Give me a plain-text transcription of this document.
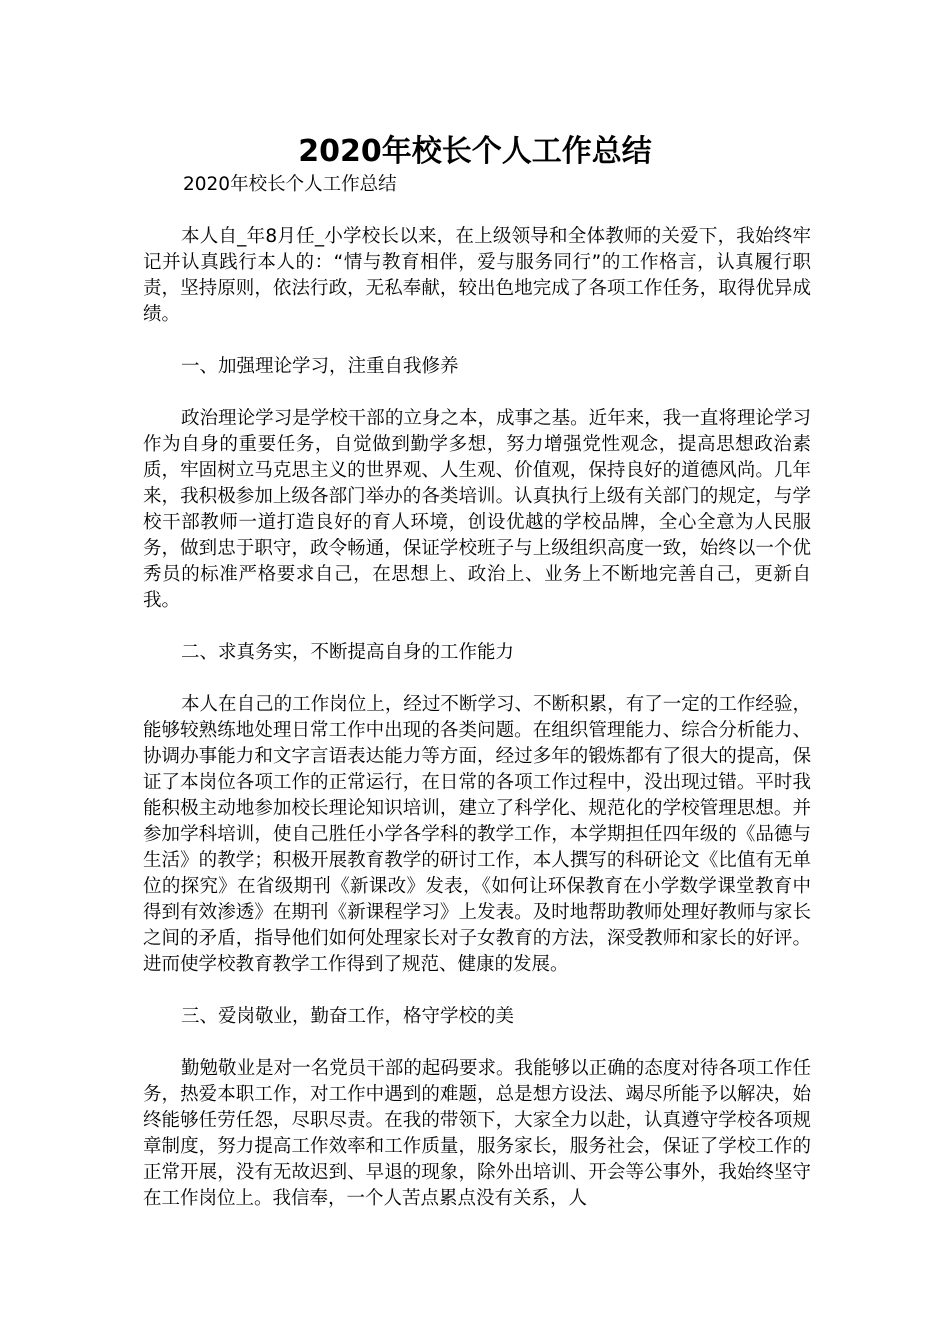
2020年校长个人工作总结

2020年校长个人工作总结

本人自_年8月任_小学校长以来，在上级领导和全体教师的关爱下，我始终牢记并认真践行本人的：“情与教育相伴，爱与服务同行”的工作格言，认真履行职责，坚持原则，依法行政，无私奉献，较出色地完成了各项工作任务，取得优异成绩。

一、加强理论学习，注重自我修养

政治理论学习是学校干部的立身之本，成事之基。近年来，我一直将理论学习作为自身的重要任务，自觉做到勤学多想，努力增强党性观念，提高思想政治素质，牢固树立马克思主义的世界观、人生观、价值观，保持良好的道德风尚。几年来，我积极参加上级各部门举办的各类培训。认真执行上级有关部门的规定，与学校干部教师一道打造良好的育人环境，创设优越的学校品牌，全心全意为人民服务，做到忠于职守，政令畅通，保证学校班子与上级组织高度一致，始终以一个优秀员的标准严格要求自己，在思想上、政治上、业务上不断地完善自己，更新自我。

二、求真务实，不断提高自身的工作能力

本人在自己的工作岗位上，经过不断学习、不断积累，有了一定的工作经验，能够较熟练地处理日常工作中出现的各类问题。在组织管理能力、综合分析能力、协调办事能力和文字言语表达能力等方面，经过多年的锻炼都有了很大的提高，保证了本岗位各项工作的正常运行，在日常的各项工作过程中，没出现过错。平时我能积极主动地参加校长理论知识培训，建立了科学化、规范化的学校管理思想。并参加学科培训，使自己胜任小学各学科的教学工作，本学期担任四年级的《品德与生活》的教学；积极开展教育教学的研讨工作，本人撰写的科研论文《比值有无单位的探究》在省级期刊《新课改》发表，《如何让环保教育在小学数学课堂教育中得到有效渗透》在期刊《新课程学习》上发表。及时地帮助教师处理好教师与家长之间的矛盾，指导他们如何处理家长对子女教育的方法，深受教师和家长的好评。进而使学校教育教学工作得到了规范、健康的发展。

三、爱岗敬业，勤奋工作，格守学校的美

勤勉敬业是对一名党员干部的起码要求。我能够以正确的态度对待各项工作任务，热爱本职工作，对工作中遇到的难题，总是想方设法、竭尽所能予以解决，始终能够任劳任怨，尽职尽责。在我的带领下，大家全力以赴，认真遵守学校各项规章制度，努力提高工作效率和工作质量，服务家长，服务社会，保证了学校工作的正常开展，没有无故迟到、早退的现象，除外出培训、开会等公事外，我始终坚守在工作岗位上。我信奉，一个人苦点累点没有关系，人
